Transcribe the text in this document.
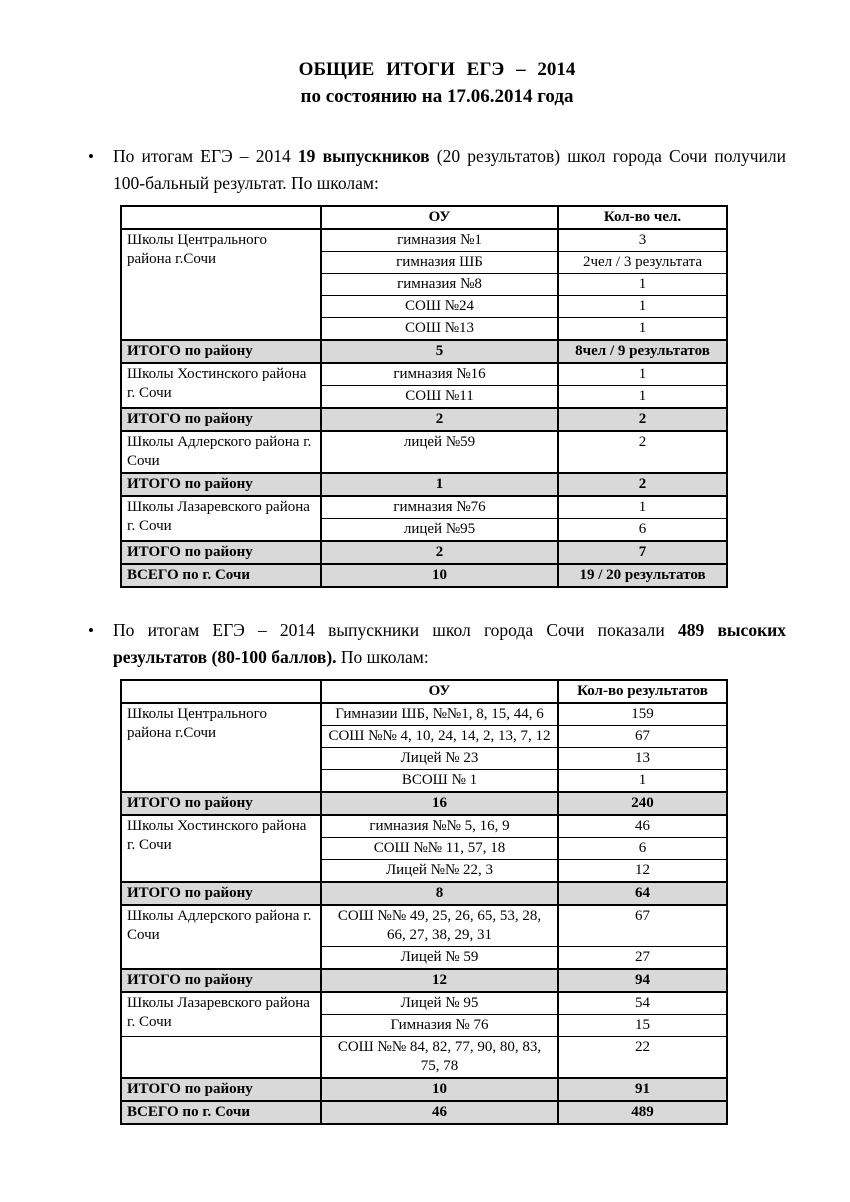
ОБЩИЕ ИТОГИ ЕГЭ – 2014
по состоянию на 17.06.2014 года
•	По итогам ЕГЭ – 2014 19 выпускников (20 результатов) школ города Сочи получили 100-бальный результат. По школам:
	ОУ	Кол-во чел.
Школы Центрального района г.Сочи	гимназия №1	3
	гимназия ШБ	2чел / 3 результата
	гимназия №8	1
	СОШ №24	1
	СОШ №13	1
ИТОГО по району	5	8чел / 9 результатов
Школы Хостинского района г. Сочи	гимназия №16	1
	СОШ №11	1
ИТОГО по району	2	2
Школы Адлерского района г. Сочи	лицей №59	2
ИТОГО по району	1	2
Школы Лазаревского района г. Сочи	гимназия №76	1
	лицей №95	6
ИТОГО по району	2	7
ВСЕГО по г. Сочи	10	19 / 20 результатов
•	По итогам ЕГЭ – 2014 выпускники школ города Сочи показали 489 высоких результатов (80-100 баллов). По школам:
	ОУ	Кол-во результатов
Школы Центрального района г.Сочи	Гимназии ШБ, №№1, 8, 15, 44, 6	159
	СОШ №№ 4, 10, 24, 14, 2, 13, 7, 12	67
	Лицей № 23	13
	ВСОШ № 1	1
ИТОГО по району	16	240
Школы Хостинского района г. Сочи	гимназия №№ 5, 16, 9	46
	СОШ №№ 11, 57, 18	6
	Лицей №№ 22, 3	12
ИТОГО по району	8	64
Школы Адлерского района г. Сочи	СОШ №№ 49, 25, 26, 65, 53, 28, 66, 27, 38, 29, 31	67
	Лицей № 59	27
ИТОГО по району	12	94
Школы Лазаревского района г. Сочи	Лицей № 95	54
	Гимназия № 76	15
	СОШ №№ 84, 82, 77, 90, 80, 83, 75, 78	22
ИТОГО по району	10	91
ВСЕГО по г. Сочи	46	489
